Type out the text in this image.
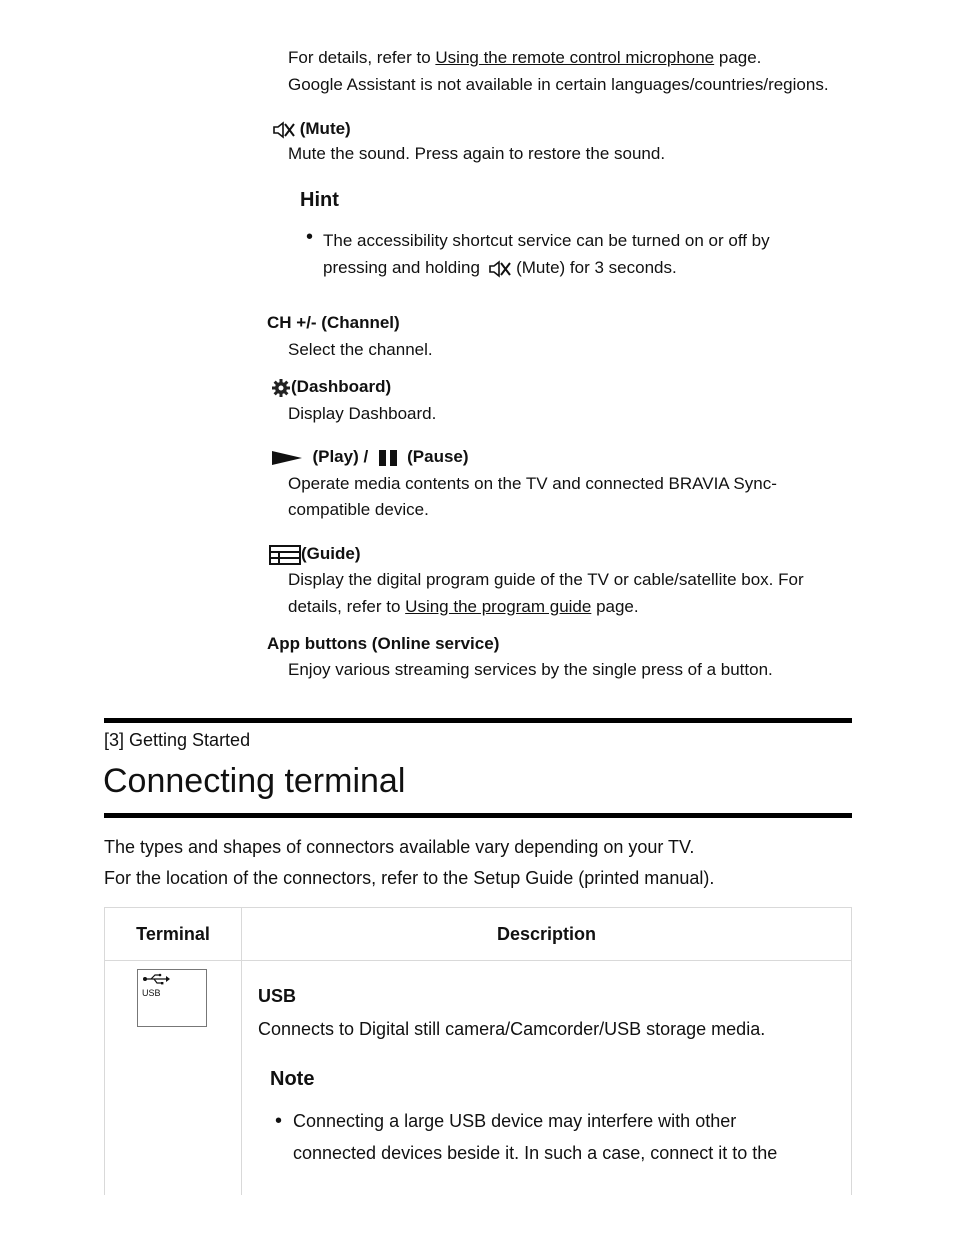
For details, refer to Using the remote control microphone page.
Google Assistant is not available in certain languages/countries/regions.
(Mute)
Mute the sound. Press again to restore the sound.
Hint
• The accessibility shortcut service can be turned on or off by
pressing and holding (Mute) for 3 seconds.
CH +/- (Channel)
Select the channel.
(Dashboard)
Display Dashboard.
(Play) / (Pause)
Operate media contents on the TV and connected BRAVIA Sync-
compatible device.
(Guide)
Display the digital program guide of the TV or cable/satellite box. For
details, refer to Using the program guide page.
App buttons (Online service)
Enjoy various streaming services by the single press of a button.
[3] Getting Started
Connecting terminal
The types and shapes of connectors available vary depending on your TV.
For the location of the connectors, refer to the Setup Guide (printed manual).
Terminal	Description

USB	USB
Connects to Digital still camera/Camcorder/USB storage media.
Note
• Connecting a large USB device may interfere with other
connected devices beside it. In such a case, connect it to the
